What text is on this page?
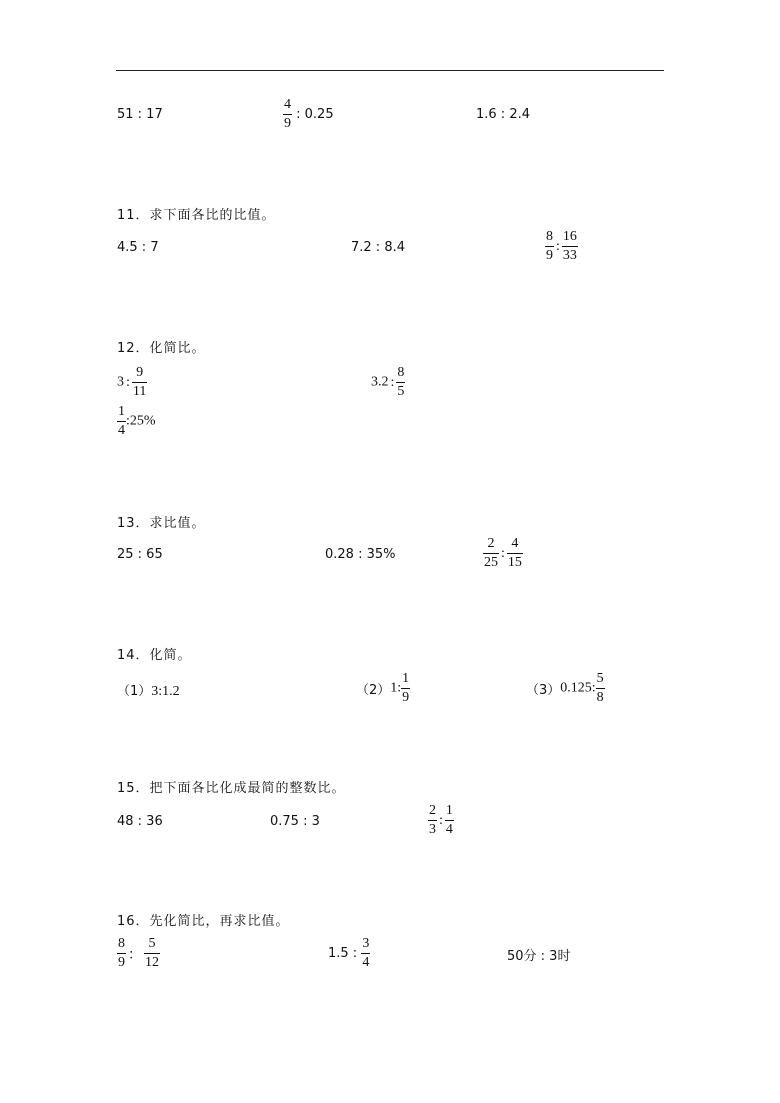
51 : 17	$\frac{4}{9}$ : 0.25	1.6 : 2.4
11．求下面各比的比值。
4.5 : 7	7.2 : 8.4	$\frac{8}{9}$ : $\frac{16}{33}$
12．化简比。
3 : $\frac{9}{11}$	3.2 : $\frac{8}{5}$
$\frac{1}{4}$ :25%
13．求比值。
25 : 65	0.28 : 35%	$\frac{2}{25}$ : $\frac{4}{15}$
14．化简。
（1）3:1.2	（2）1: $\frac{1}{9}$	（3）0.125: $\frac{5}{8}$
15．把下面各比化成最简的整数比。
48 : 36	0.75 : 3	$\frac{2}{3}$ : $\frac{1}{4}$
16．先化简比，再求比值。
$\frac{8}{9}$ ： $\frac{5}{12}$	1.5 : $\frac{3}{4}$	50分 : 3时
